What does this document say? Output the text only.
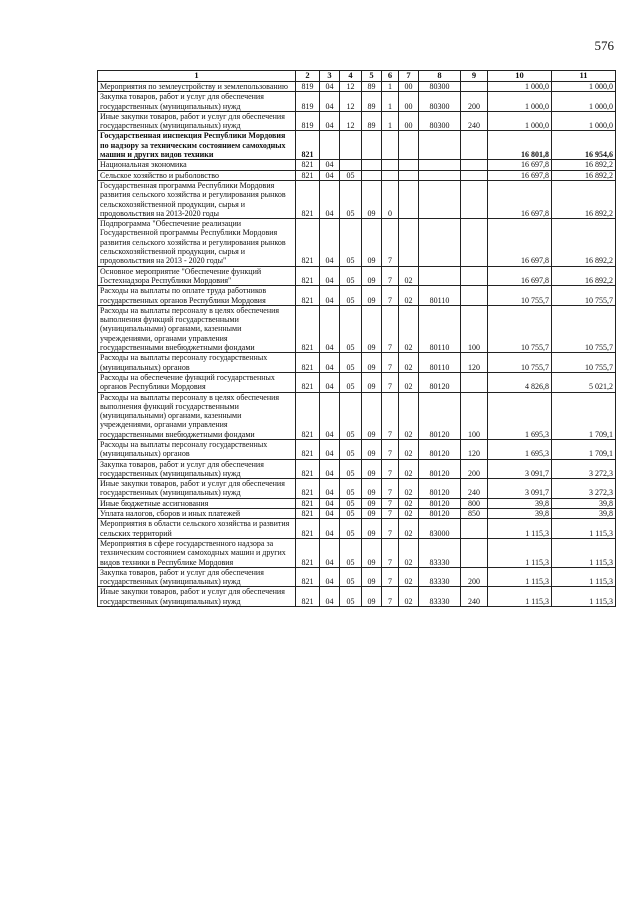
576
1	2	3	4	5	6	7	8	9	10	11
Мероприятия по землеустройству и землепользованию	819	04	12	89	1	00	80300		1 000,0	1 000,0
Закупка товаров, работ и услуг для обеспечения государственных (муниципальных) нужд	819	04	12	89	1	00	80300	200	1 000,0	1 000,0
Иные закупки товаров, работ и услуг для обеспечения государственных (муниципальных) нужд	819	04	12	89	1	00	80300	240	1 000,0	1 000,0
Государственная инспекция Республики Мордовия по надзору за техническим состоянием самоходных машин и других видов техники	821								16 801,8	16 954,6
Национальная экономика	821	04							16 697,8	16 892,2
Сельское хозяйство и рыболовство	821	04	05						16 697,8	16 892,2
Государственная программа Республики Мордовия развития сельского хозяйства и регулирования рынков сельскохозяйственной продукции, сырья и продовольствия на 2013-2020 годы	821	04	05	09	0				16 697,8	16 892,2
Подпрограмма "Обеспечение реализации Государственной программы Республики Мордовия развития сельского хозяйства и регулирования рынков сельскохозяйственной продукции, сырья и продовольствия на 2013 - 2020 годы"	821	04	05	09	7				16 697,8	16 892,2
Основное мероприятие "Обеспечение функций Гостехнадзора Республики Мордовия"	821	04	05	09	7	02			16 697,8	16 892,2
Расходы на выплаты по оплате труда работников государственных органов Республики Мордовия	821	04	05	09	7	02	80110		10 755,7	10 755,7
Расходы на выплаты персоналу в целях обеспечения выполнения функций государственными (муниципальными) органами, казенными учреждениями, органами управления государственными внебюджетными фондами	821	04	05	09	7	02	80110	100	10 755,7	10 755,7
Расходы на выплаты персоналу государственных (муниципальных) органов	821	04	05	09	7	02	80110	120	10 755,7	10 755,7
Расходы на обеспечение функций государственных органов Республики Мордовия	821	04	05	09	7	02	80120		4 826,8	5 021,2
Расходы на выплаты персоналу в целях обеспечения выполнения функций государственными (муниципальными) органами, казенными учреждениями, органами управления государственными внебюджетными фондами	821	04	05	09	7	02	80120	100	1 695,3	1 709,1
Расходы на выплаты персоналу государственных (муниципальных) органов	821	04	05	09	7	02	80120	120	1 695,3	1 709,1
Закупка товаров, работ и услуг для обеспечения государственных (муниципальных) нужд	821	04	05	09	7	02	80120	200	3 091,7	3 272,3
Иные закупки товаров, работ и услуг для обеспечения государственных (муниципальных) нужд	821	04	05	09	7	02	80120	240	3 091,7	3 272,3
Иные бюджетные ассигнования	821	04	05	09	7	02	80120	800	39,8	39,8
Уплата налогов, сборов и иных платежей	821	04	05	09	7	02	80120	850	39,8	39,8
Мероприятия в области сельского хозяйства и развития сельских территорий	821	04	05	09	7	02	83000		1 115,3	1 115,3
Мероприятия в сфере государственного надзора за техническим состоянием самоходных машин и других видов техники в Республике Мордовия	821	04	05	09	7	02	83330		1 115,3	1 115,3
Закупка товаров, работ и услуг для обеспечения государственных (муниципальных) нужд	821	04	05	09	7	02	83330	200	1 115,3	1 115,3
Иные закупки товаров, работ и услуг для обеспечения государственных (муниципальных) нужд	821	04	05	09	7	02	83330	240	1 115,3	1 115,3
